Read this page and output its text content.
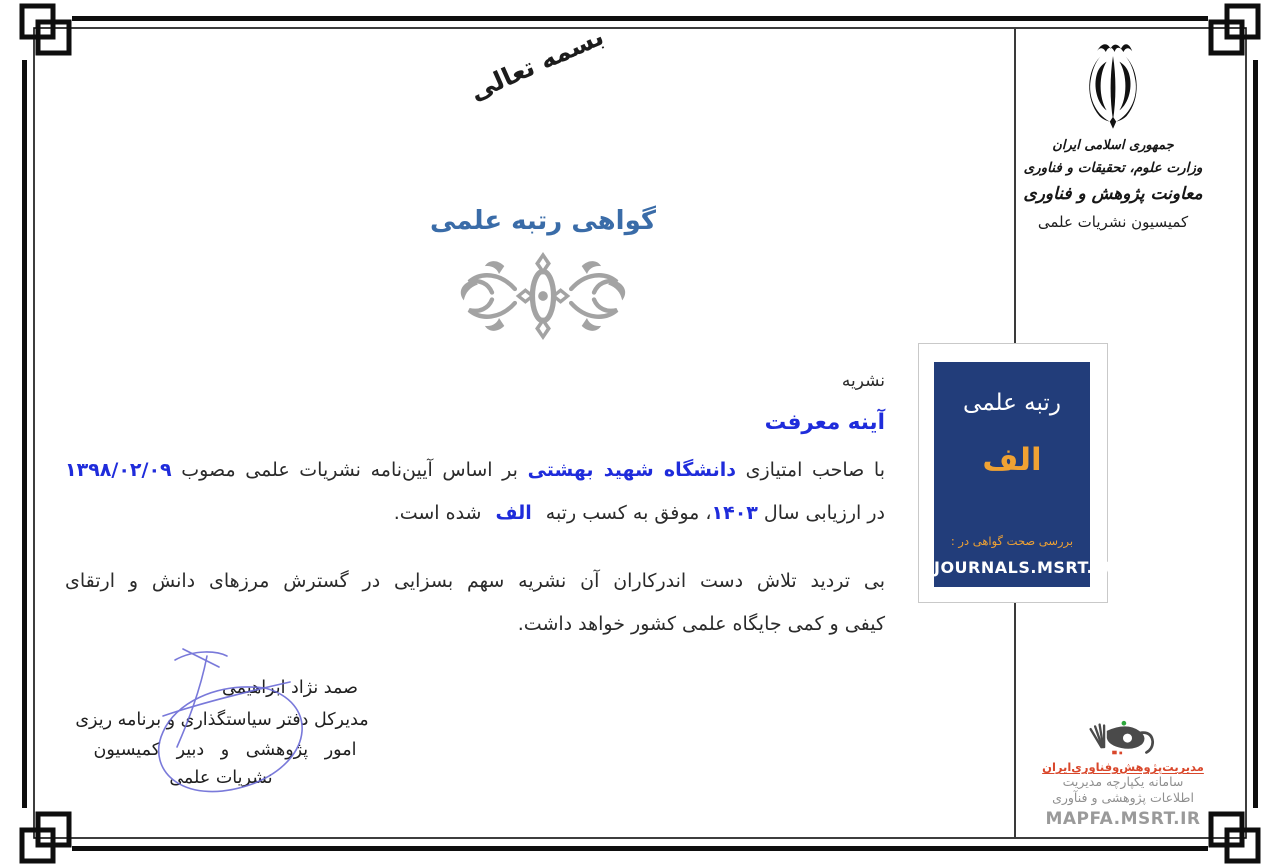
بسمه تعالی
جمهوری اسلامی ایران
وزارت علوم، تحقیقات و فناوری
معاونت پژوهش و فناوری
کمیسیون نشریات علمی
گواهی رتبه علمی
نشریه
آینه معرفت
با صاحب امتیازی دانشگاه شهید بهشتی بر اساس آیین‌نامه نشریات علمی مصوب ۱۳۹۸/۰۲/۰۹
در ارزیابی سال ۱۴۰۳، موفق به کسب رتبهالفشده است.
بی تردید تلاش دست اندرکاران آن نشریه سهم بسزایی در گسترش مرزهای دانش و ارتقای
کیفی و کمی جایگاه علمی کشور خواهد داشت.
رتبه علمی
الف
بررسی صحت گواهی در :
JOURNALS.MSRT.IR
صمد نژاد ابراهیمی
مدیرکل دفتر سیاستگذاری و برنامه ریزی
امور پژوهشی و دبیر کمیسیون
نشریات علمی
مدیریت‌پژوهش‌وفناوری‌ایران
سامانه یکپارچه مدیریت
اطلاعات پژوهشی و فنآوری
MAPFA.MSRT.IR
